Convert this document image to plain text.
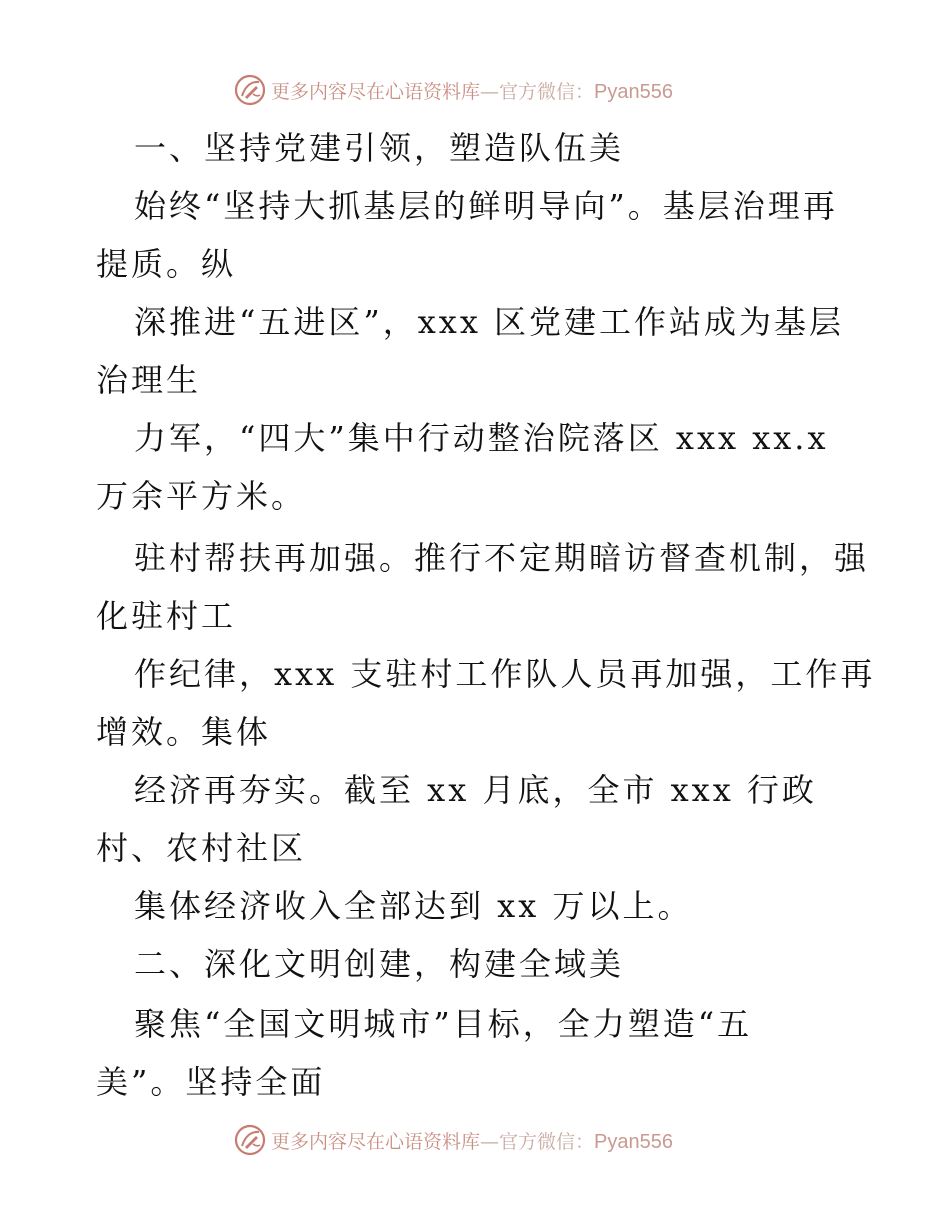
更多内容尽在心语资料库—官方微信：Pyan556
一、坚持党建引领，塑造队伍美
始终“坚持大抓基层的鲜明导向”。基层治理再
提质。纵
深推进“五进区”，xxx 区党建工作站成为基层
治理生
力军，“四大”集中行动整治院落区 xxx xx.x
万余平方米。
驻村帮扶再加强。推行不定期暗访督查机制，强
化驻村工
作纪律，xxx 支驻村工作队人员再加强，工作再
增效。集体
经济再夯实。截至 xx 月底，全市 xxx 行政
村、农村社区
集体经济收入全部达到 xx 万以上。
二、深化文明创建，构建全域美
聚焦“全国文明城市”目标，全力塑造“五
美”。坚持全面
更多内容尽在心语资料库—官方微信：Pyan556
